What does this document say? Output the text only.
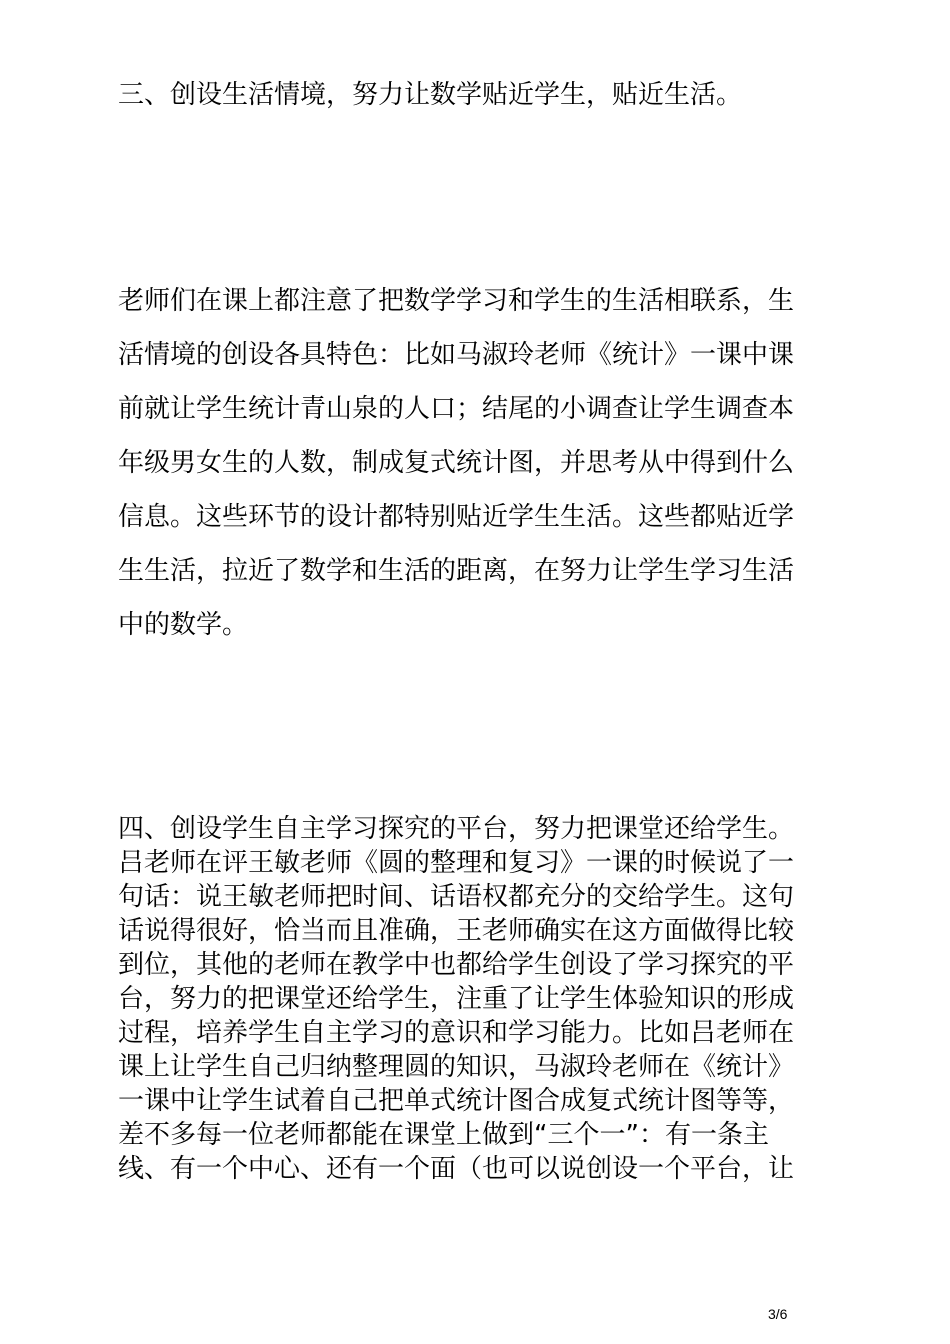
三、创设生活情境，努力让数学贴近学生，贴近生活。

老师们在课上都注意了把数学学习和学生的生活相联系，生

活情境的创设各具特色：比如马淑玲老师《统计》一课中课

前就让学生统计青山泉的人口；结尾的小调查让学生调查本

年级男女生的人数，制成复式统计图，并思考从中得到什么

信息。这些环节的设计都特别贴近学生生活。这些都贴近学

生生活，拉近了数学和生活的距离，在努力让学生学习生活

中的数学。

四、创设学生自主学习探究的平台，努力把课堂还给学生。

吕老师在评王敏老师《圆的整理和复习》一课的时候说了一

句话：说王敏老师把时间、话语权都充分的交给学生。这句

话说得很好，恰当而且准确，王老师确实在这方面做得比较

到位，其他的老师在教学中也都给学生创设了学习探究的平

台，努力的把课堂还给学生，注重了让学生体验知识的形成

过程，培养学生自主学习的意识和学习能力。比如吕老师在

课上让学生自己归纳整理圆的知识，马淑玲老师在《统计》

一课中让学生试着自己把单式统计图合成复式统计图等等，

差不多每一位老师都能在课堂上做到“三个一”：有一条主

线、有一个中心、还有一个面（也可以说创设一个平台，让

3/6
